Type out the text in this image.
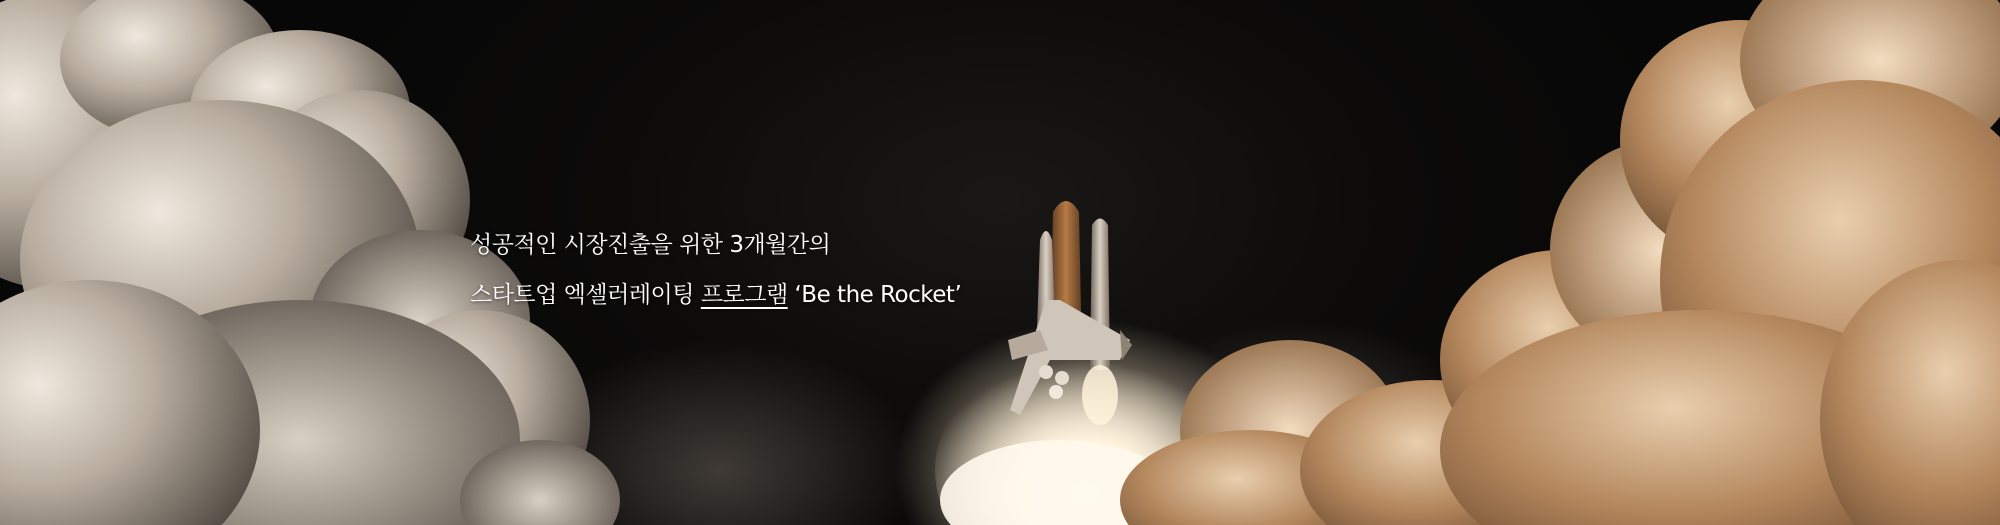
성공적인 시장진출을 위한 3개월간의
스타트업 엑셀러레이팅 프로그램 ‘Be the Rocket’
